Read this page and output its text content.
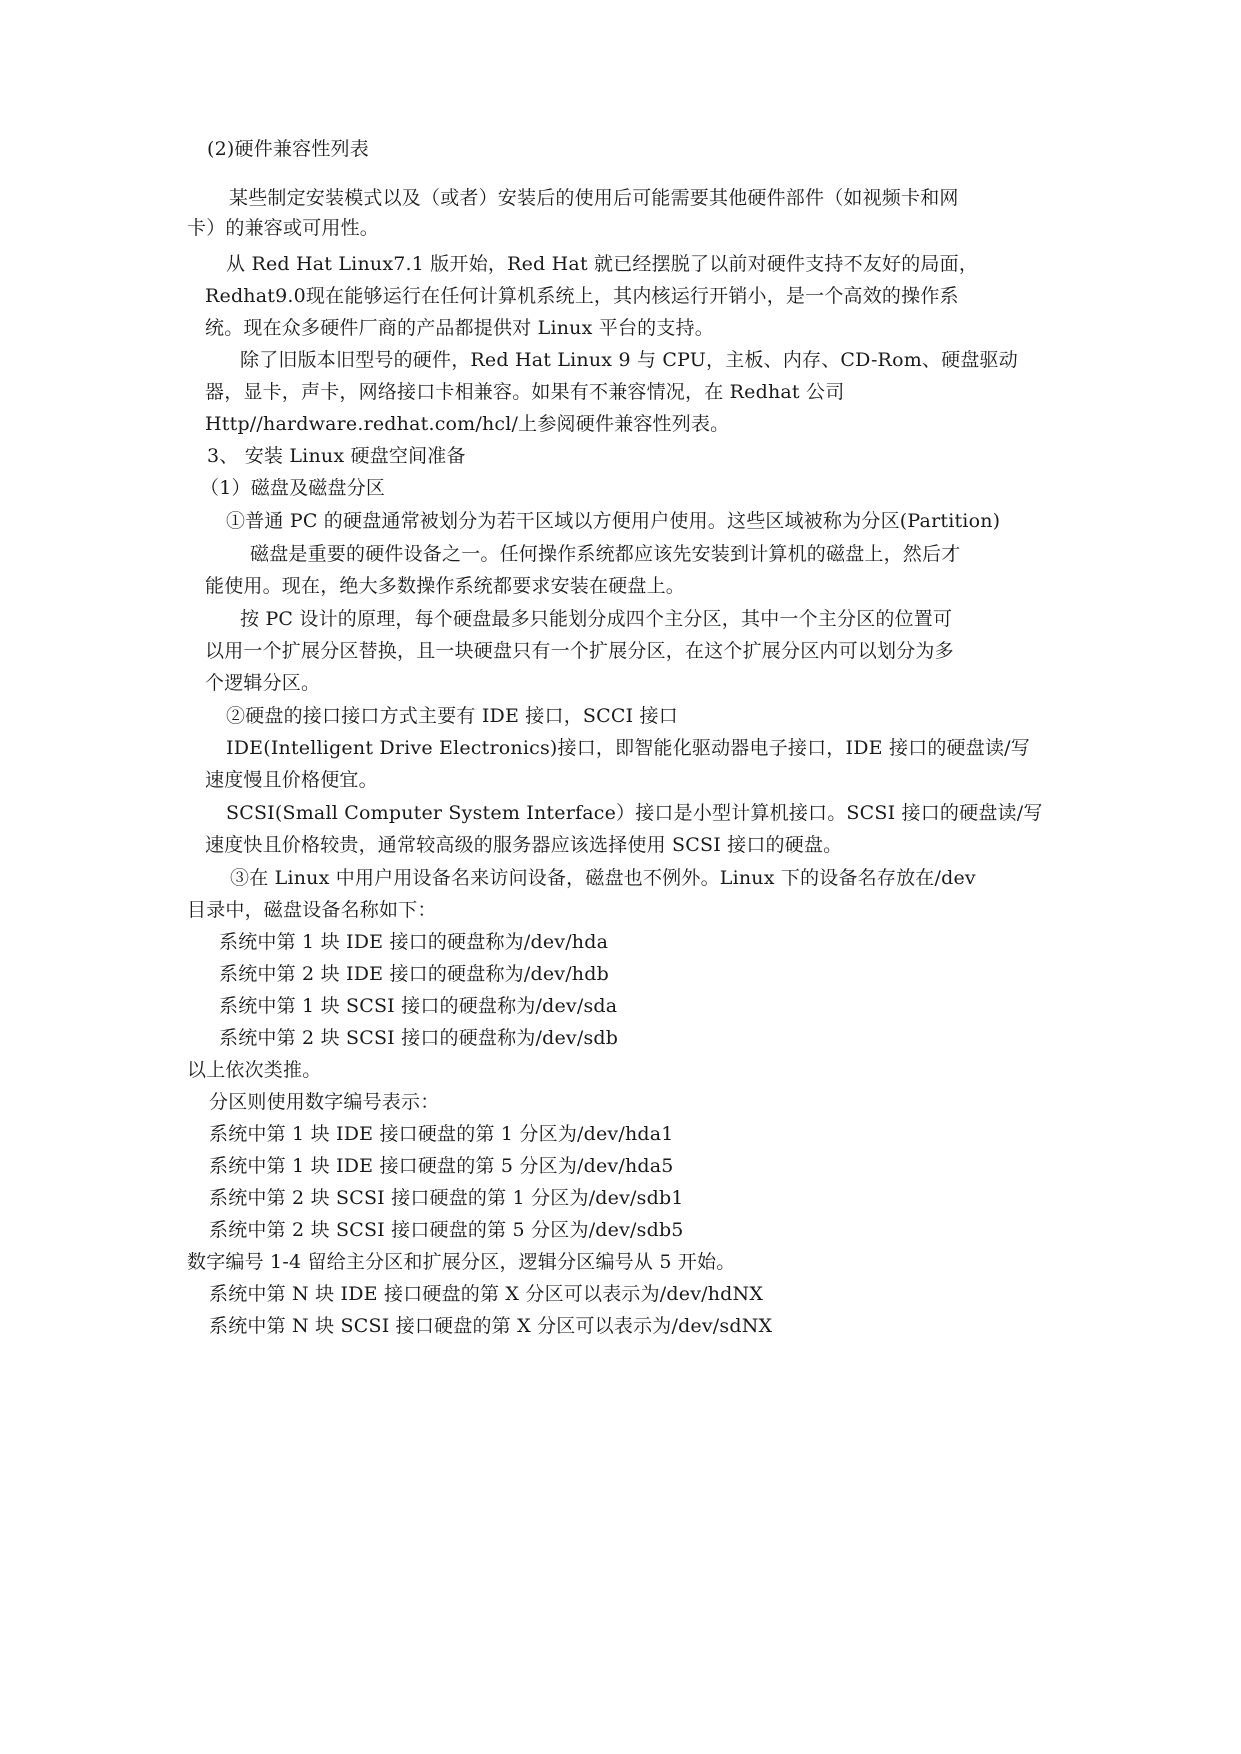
(2)硬件兼容性列表

某些制定安装模式以及（或者）安装后的使用后可能需要其他硬件部件（如视频卡和网

卡）的兼容或可用性。

从 Red Hat Linux7.1 版开始，Red Hat 就已经摆脱了以前对硬件支持不友好的局面，

Redhat9.0现在能够运行在任何计算机系统上，其内核运行开销小，是一个高效的操作系

统。现在众多硬件厂商的产品都提供对 Linux 平台的支持。

除了旧版本旧型号的硬件，Red Hat Linux 9 与 CPU，主板、内存、CD-Rom、硬盘驱动

器，显卡，声卡，网络接口卡相兼容。如果有不兼容情况，在 Redhat 公司

Http//hardware.redhat.com/hcl/上参阅硬件兼容性列表。

3、 安装 Linux 硬盘空间准备

（1）磁盘及磁盘分区

①普通 PC 的硬盘通常被划分为若干区域以方便用户使用。这些区域被称为分区(Partition)

磁盘是重要的硬件设备之一。任何操作系统都应该先安装到计算机的磁盘上，然后才

能使用。现在，绝大多数操作系统都要求安装在硬盘上。

按 PC 设计的原理，每个硬盘最多只能划分成四个主分区，其中一个主分区的位置可

以用一个扩展分区替换，且一块硬盘只有一个扩展分区，在这个扩展分区内可以划分为多

个逻辑分区。

②硬盘的接口接口方式主要有 IDE 接口，SCCI 接口

IDE(Intelligent Drive Electronics)接口，即智能化驱动器电子接口，IDE 接口的硬盘读/写

速度慢且价格便宜。

SCSI(Small Computer System Interface）接口是小型计算机接口。SCSI 接口的硬盘读/写

速度快且价格较贵，通常较高级的服务器应该选择使用 SCSI 接口的硬盘。

③在 Linux 中用户用设备名来访问设备，磁盘也不例外。Linux 下的设备名存放在/dev

目录中，磁盘设备名称如下：

系统中第 1 块 IDE 接口的硬盘称为/dev/hda

系统中第 2 块 IDE 接口的硬盘称为/dev/hdb

系统中第 1 块 SCSI 接口的硬盘称为/dev/sda

系统中第 2 块 SCSI 接口的硬盘称为/dev/sdb

以上依次类推。

分区则使用数字编号表示：

系统中第 1 块 IDE 接口硬盘的第 1 分区为/dev/hda1

系统中第 1 块 IDE 接口硬盘的第 5 分区为/dev/hda5

系统中第 2 块 SCSI 接口硬盘的第 1 分区为/dev/sdb1

系统中第 2 块 SCSI 接口硬盘的第 5 分区为/dev/sdb5

数字编号 1-4 留给主分区和扩展分区，逻辑分区编号从 5 开始。

系统中第 N 块 IDE 接口硬盘的第 X 分区可以表示为/dev/hdNX

系统中第 N 块 SCSI 接口硬盘的第 X 分区可以表示为/dev/sdNX
